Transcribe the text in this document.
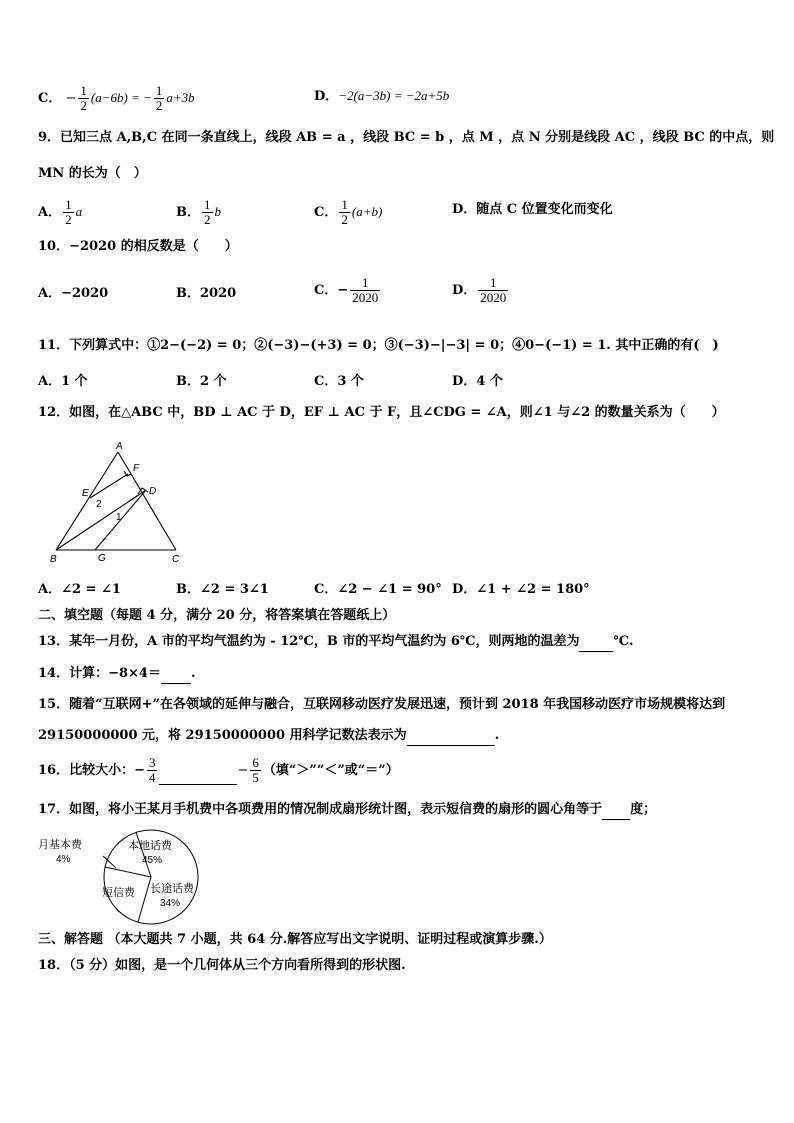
C． − $\frac{1}{2} (a-6b)$ = − $\frac{1}{2} a+3b$	D．−2(a−3b) = −2a+5b
9．已知三点 A,B,C 在同一条直线上，线段 AB = a ，线段 BC = b ，点 M ，点 N 分别是线段 AC ，线段 BC 的中点，则
MN 的长为（　）
A． $\frac{1}{2}$ a	B． $\frac{1}{2}$ b	C． $\frac{1}{2} (a+b)$	D．随点 C 位置变化而变化
10．−2020 的相反数是（　　）
A．−2020	B．2020	C．− $\frac{1}{2020}$	D． $\frac{1}{2020}$
11．下列算式中：①2−(−2) = 0；②(−3)−(+3) = 0；③(−3)−|−3| = 0；④0−(−1) = 1. 其中正确的有(　)
A．1 个	B．2 个	C．3 个	D．4 个
12．如图，在△ABC 中，BD ⊥ AC 于 D，EF ⊥ AC 于 F，且∠CDG = ∠A，则∠1 与∠2 的数量关系为（　　）
A
F
E	D
2
1
B	G	C
A．∠2 = ∠1	B．∠2 = 3∠1	C．∠2 − ∠1 = 90° D．∠1 + ∠2 = 180°
二、填空题（每题 4 分，满分 20 分，将答案填在答题纸上）
13．某年一月份，A 市的平均气温约为 - 12℃，B 市的平均气温约为 6℃，则两地的温差为	℃.
14．计算：−8×4＝ .
15．随着“互联网+”在各领域的延伸与融合，互联网移动医疗发展迅速，预计到 2018 年我国移动医疗市场规模将达到
29150000000 元，将 29150000000 用科学记数法表示为	.
16．比较大小：− $\frac{3}{4}$	− $\frac{6}{5}$ （填“＞”“＜”或“＝”）
17．如图，将小王某月手机费中各项费用的情况制成扇形统计图，表示短信费的扇形的圆心角等于 度；
月基本费
4%
本地话费
45%
短信费 长途话费
34%
三、解答题 （本大题共 7 小题，共 64 分.解答应写出文字说明、证明过程或演算步骤.）
18．（5 分）如图，是一个几何体从三个方向看所得到的形状图.
